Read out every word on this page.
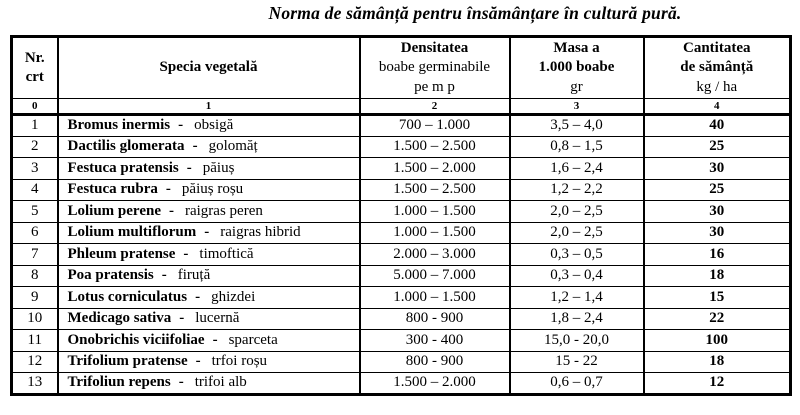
Norma de sămânță pentru însămânțare în cultură pură.
Nr.
crt

Specia vegetală

Densitatea
boabe germinabile
pe m p

Masa a
1.000 boabe
gr

Cantitatea
de sămânță
kg / ha

0	1	2	3	4
1	Bromus inermis - obsigă	700 – 1.000	3,5 – 4,0	40
2	Dactilis glomerata - golomăț	1.500 – 2.500	0,8 – 1,5	25
3	Festuca pratensis - păiuș	1.500 – 2.000	1,6 – 2,4	30
4	Festuca rubra - păiuș roșu	1.500 – 2.500	1,2 – 2,2	25
5	Lolium perene - raigras peren	1.000 – 1.500	2,0 – 2,5	30
6	Lolium multiflorum - raigras hibrid	1.000 – 1.500	2,0 – 2,5	30
7	Phleum pratense - timoftică	2.000 – 3.000	0,3 – 0,5	16
8	Poa pratensis - firuță	5.000 – 7.000	0,3 – 0,4	18
9	Lotus corniculatus - ghizdei	1.000 – 1.500	1,2 – 1,4	15
10	Medicago sativa - lucernă	800 - 900	1,8 – 2,4	22
11	Onobrichis viciifoliae - sparceta	300 - 400	15,0 - 20,0	100
12	Trifolium pratense - trfoi roșu	800 - 900	15 - 22	18
13	Trifoliun repens - trifoi alb	1.500 – 2.000	0,6 – 0,7	12
